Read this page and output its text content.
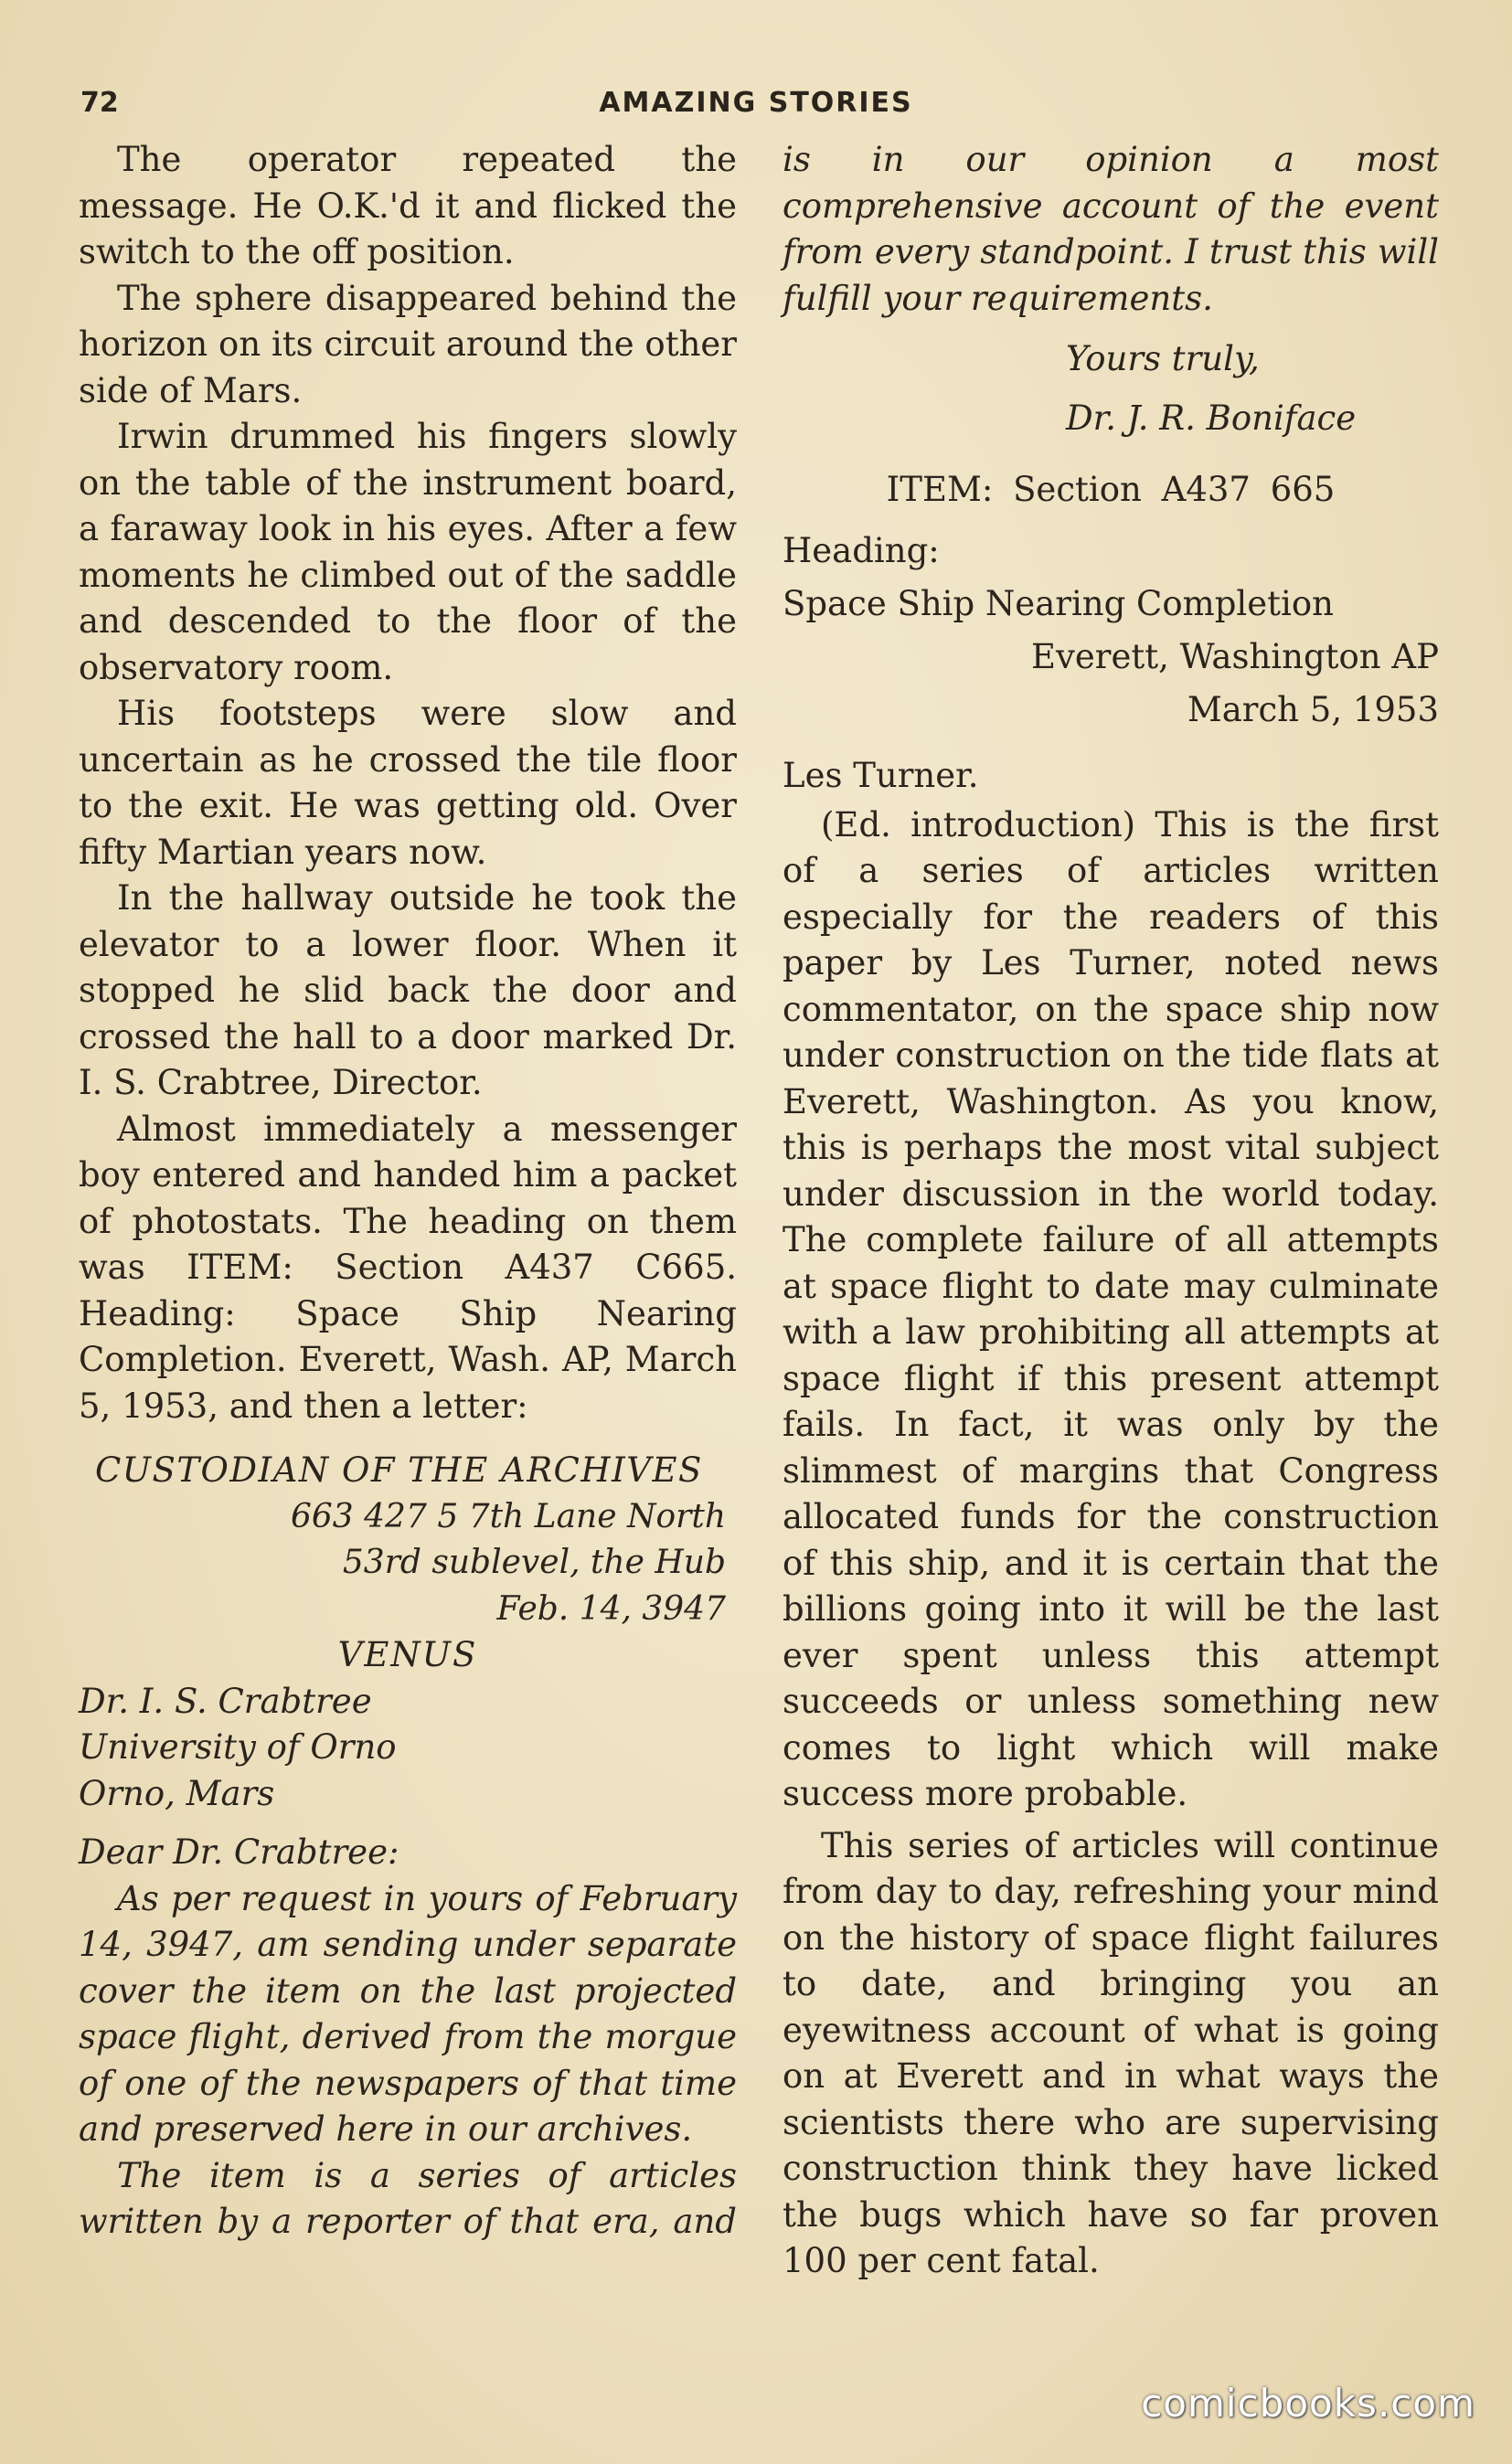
72	AMAZING STORIES

The operator repeated the message. He O.K.'d it and flicked the switch to the off position.

The sphere disappeared behind the horizon on its circuit around the other side of Mars.

Irwin drummed his fingers slowly on the table of the instrument board, a faraway look in his eyes. After a few moments he climbed out of the saddle and descended to the floor of the observatory room.

His footsteps were slow and uncertain as he crossed the tile floor to the exit. He was getting old. Over fifty Martian years now.

In the hallway outside he took the elevator to a lower floor. When it stopped he slid back the door and crossed the hall to a door marked Dr. I. S. Crabtree, Director.

Almost immediately a messenger boy entered and handed him a packet of photostats. The heading on them was ITEM: Section A437 C665. Heading: Space Ship Nearing Completion. Everett, Wash. AP, March 5, 1953, and then a letter:

CUSTODIAN OF THE ARCHIVES

663 427 5 7th Lane North

53rd sublevel, the Hub

Feb. 14, 3947

VENUS

Dr. I. S. Crabtree

University of Orno

Orno, Mars

Dear Dr. Crabtree:

As per request in yours of February 14, 3947, am sending under separate cover the item on the last projected space flight, derived from the morgue of one of the newspapers of that time and preserved here in our archives.

The item is a series of articles written by a reporter of that era, and

is in our opinion a most comprehensive account of the event from every standpoint. I trust this will fulfill your requirements.

Yours truly,

Dr. J. R. Boniface

ITEM: Section A437 665

Heading:

Space Ship Nearing Completion

Everett, Washington AP

March 5, 1953

Les Turner.

(Ed. introduction) This is the first of a series of articles written especially for the readers of this paper by Les Turner, noted news commentator, on the space ship now under construction on the tide flats at Everett, Washington. As you know, this is perhaps the most vital subject under discussion in the world today. The complete failure of all attempts at space flight to date may culminate with a law prohibiting all attempts at space flight if this present attempt fails. In fact, it was only by the slimmest of margins that Congress allocated funds for the construction of this ship, and it is certain that the billions going into it will be the last ever spent unless this attempt succeeds or unless something new comes to light which will make success more probable.

This series of articles will continue from day to day, refreshing your mind on the history of space flight failures to date, and bringing you an eyewitness account of what is going on at Everett and in what ways the scientists there who are supervising construction think they have licked the bugs which have so far proven 100 per cent fatal.

comicbooks.com
